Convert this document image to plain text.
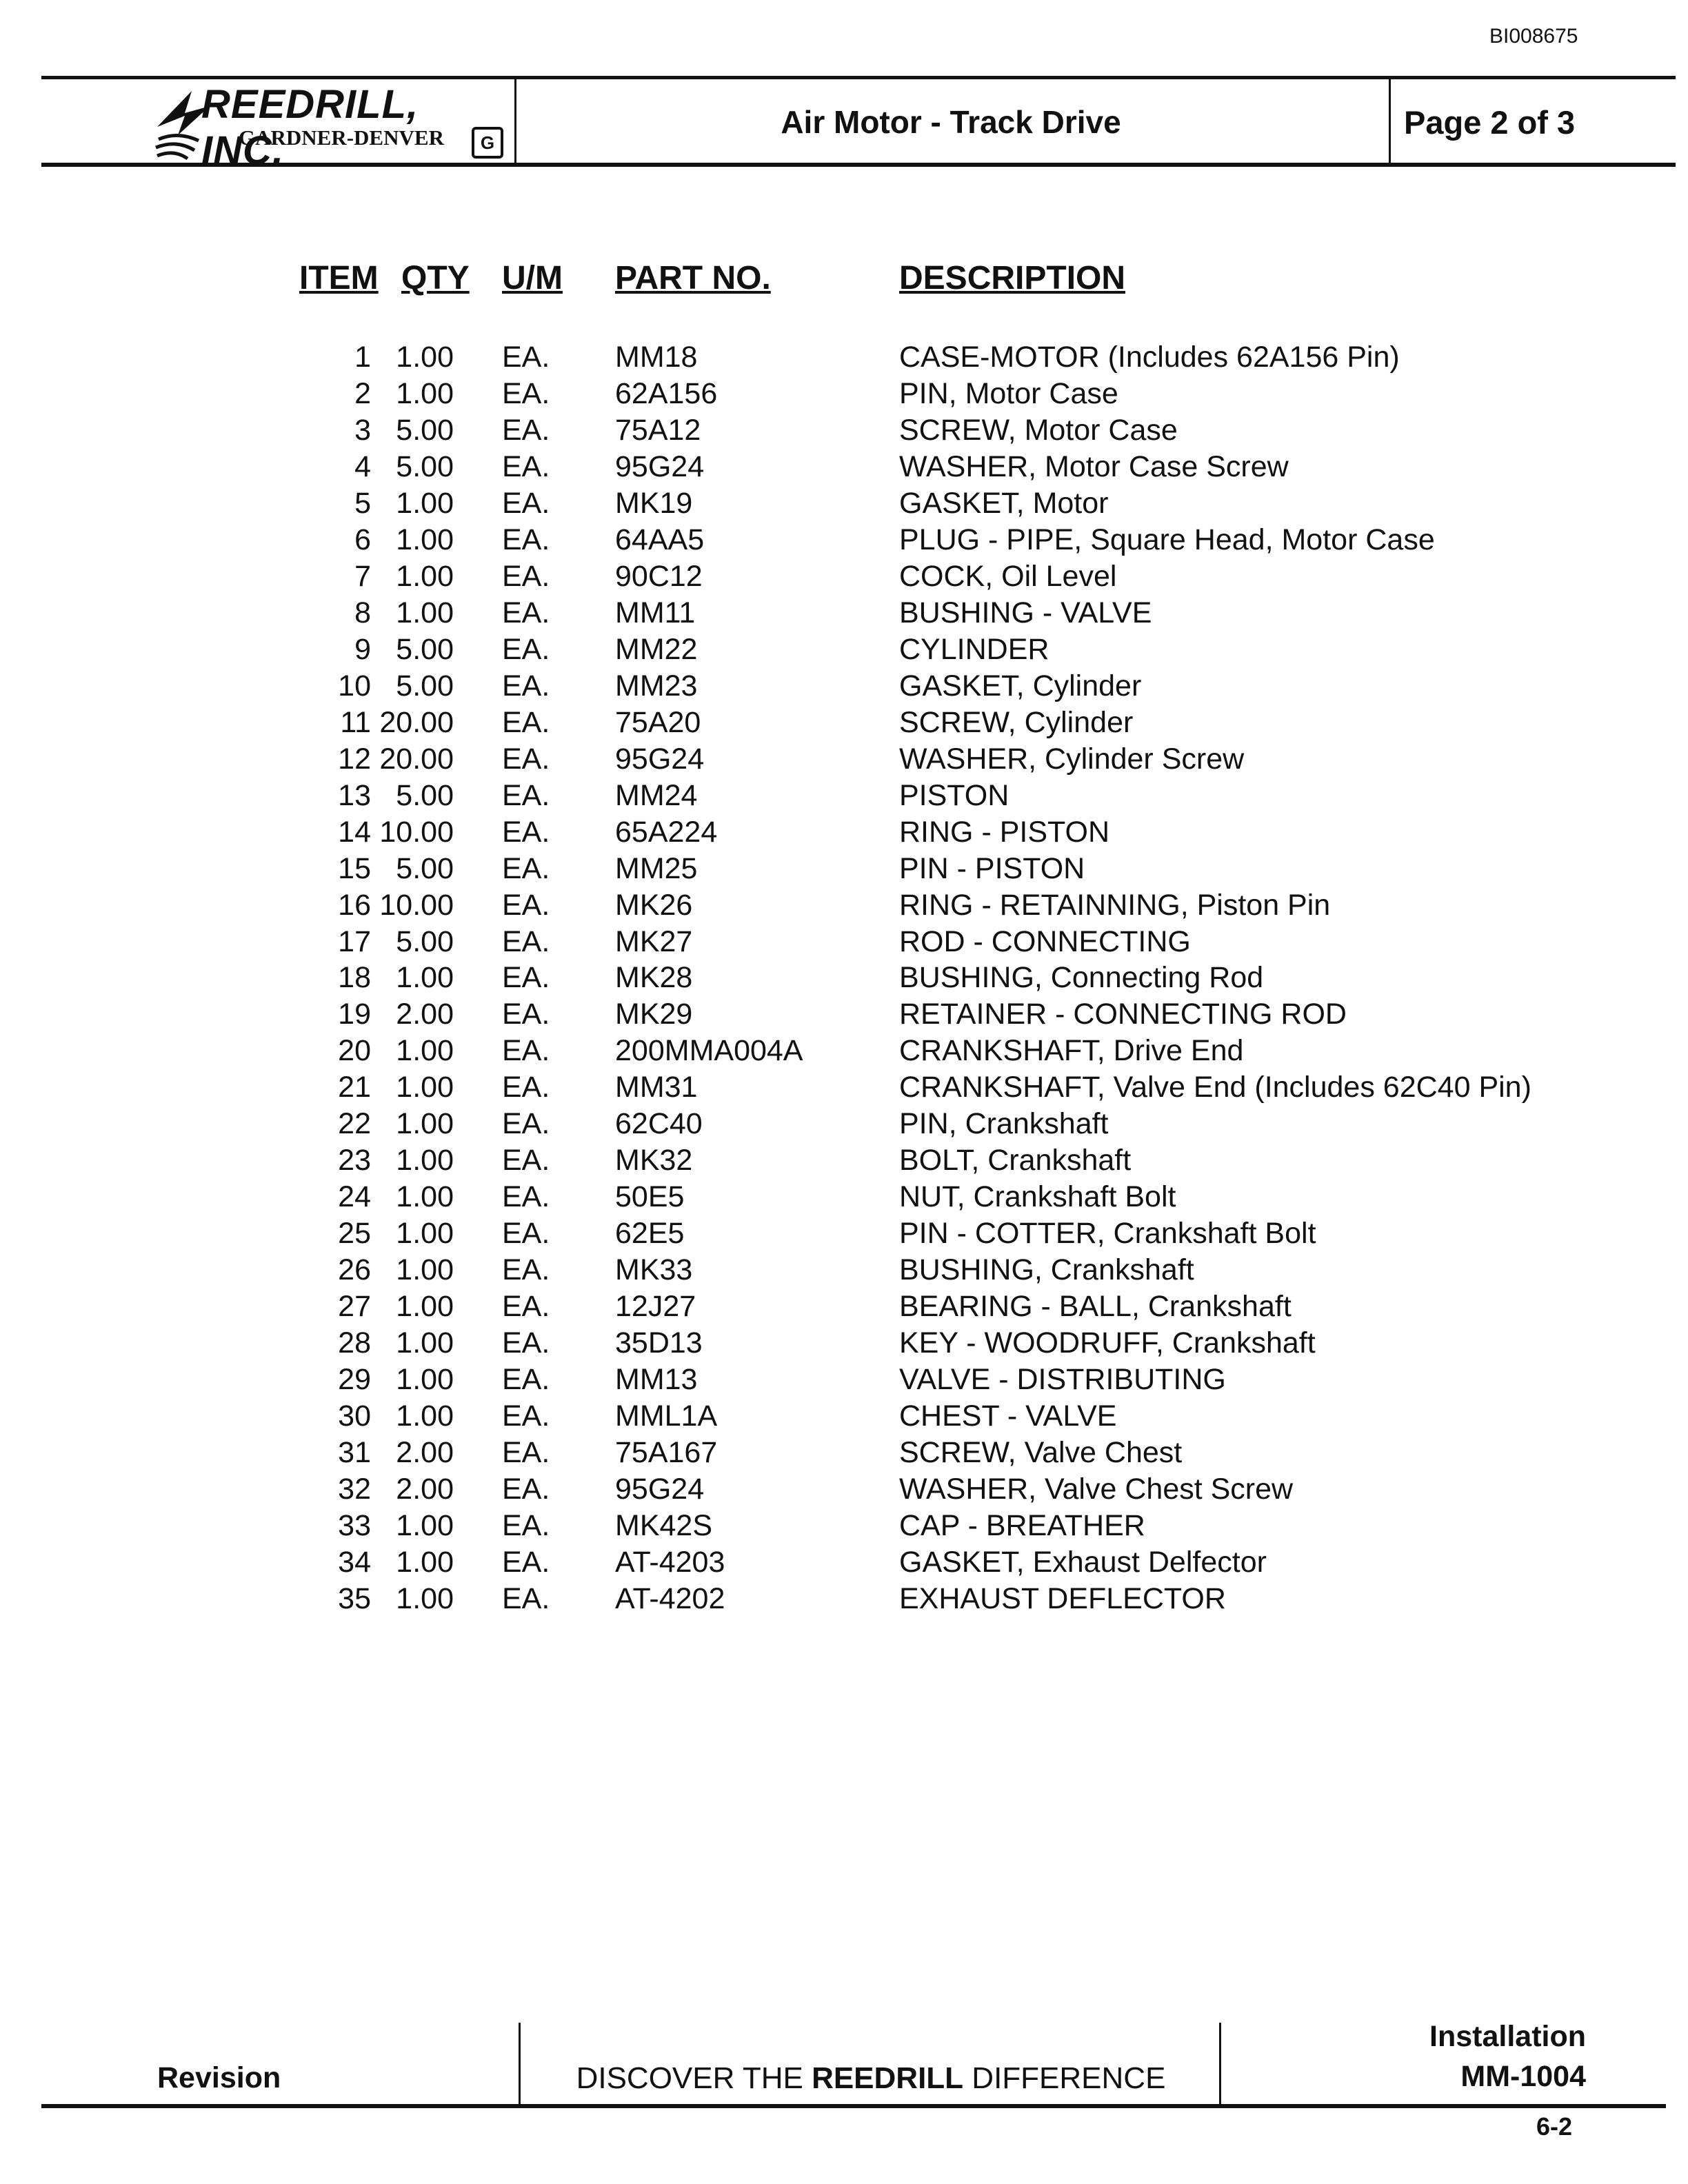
BI008675
REEDRILL, INC.
GARDNER-DENVER	G
Air Motor - Track Drive	Page 2 of 3
ITEM QTY U/M PART NO.	DESCRIPTION
1 1.00 EA. MM18	CASE-MOTOR (Includes 62A156 Pin)
2 1.00 EA. 62A156	PIN, Motor Case
3 5.00 EA. 75A12	SCREW, Motor Case
4 5.00 EA. 95G24	WASHER, Motor Case Screw
5 1.00 EA. MK19	GASKET, Motor
6 1.00 EA. 64AA5	PLUG - PIPE, Square Head, Motor Case
7 1.00 EA. 90C12	COCK, Oil Level
8 1.00 EA. MM11	BUSHING - VALVE
9 5.00 EA. MM22	CYLINDER
10 5.00 EA. MM23	GASKET, Cylinder
11 20.00 EA. 75A20	SCREW, Cylinder
12 20.00 EA. 95G24	WASHER, Cylinder Screw
13 5.00 EA. MM24	PISTON
14 10.00 EA. 65A224	RING - PISTON
15 5.00 EA. MM25	PIN - PISTON
16 10.00 EA. MK26	RING - RETAINNING, Piston Pin
17 5.00 EA. MK27	ROD - CONNECTING
18 1.00 EA. MK28	BUSHING, Connecting Rod
19 2.00 EA. MK29	RETAINER - CONNECTING ROD
20 1.00 EA. 200MMA004A	CRANKSHAFT, Drive End
21 1.00 EA. MM31	CRANKSHAFT, Valve End (Includes 62C40 Pin)
22 1.00 EA. 62C40	PIN, Crankshaft
23 1.00 EA. MK32	BOLT, Crankshaft
24 1.00 EA. 50E5	NUT, Crankshaft Bolt
25 1.00 EA. 62E5	PIN - COTTER, Crankshaft Bolt
26 1.00 EA. MK33	BUSHING, Crankshaft
27 1.00 EA. 12J27	BEARING - BALL, Crankshaft
28 1.00 EA. 35D13	KEY - WOODRUFF, Crankshaft
29 1.00 EA. MM13	VALVE - DISTRIBUTING
30 1.00 EA. MML1A	CHEST - VALVE
31 2.00 EA. 75A167	SCREW, Valve Chest
32 2.00 EA. 95G24	WASHER, Valve Chest Screw
33 1.00 EA. MK42S	CAP - BREATHER
34 1.00 EA. AT-4203	GASKET, Exhaust Delfector
35 1.00 EA. AT-4202	EXHAUST DEFLECTOR
Revision	DISCOVER THE REEDRILL DIFFERENCE
Installation
MM-1004
6-2
